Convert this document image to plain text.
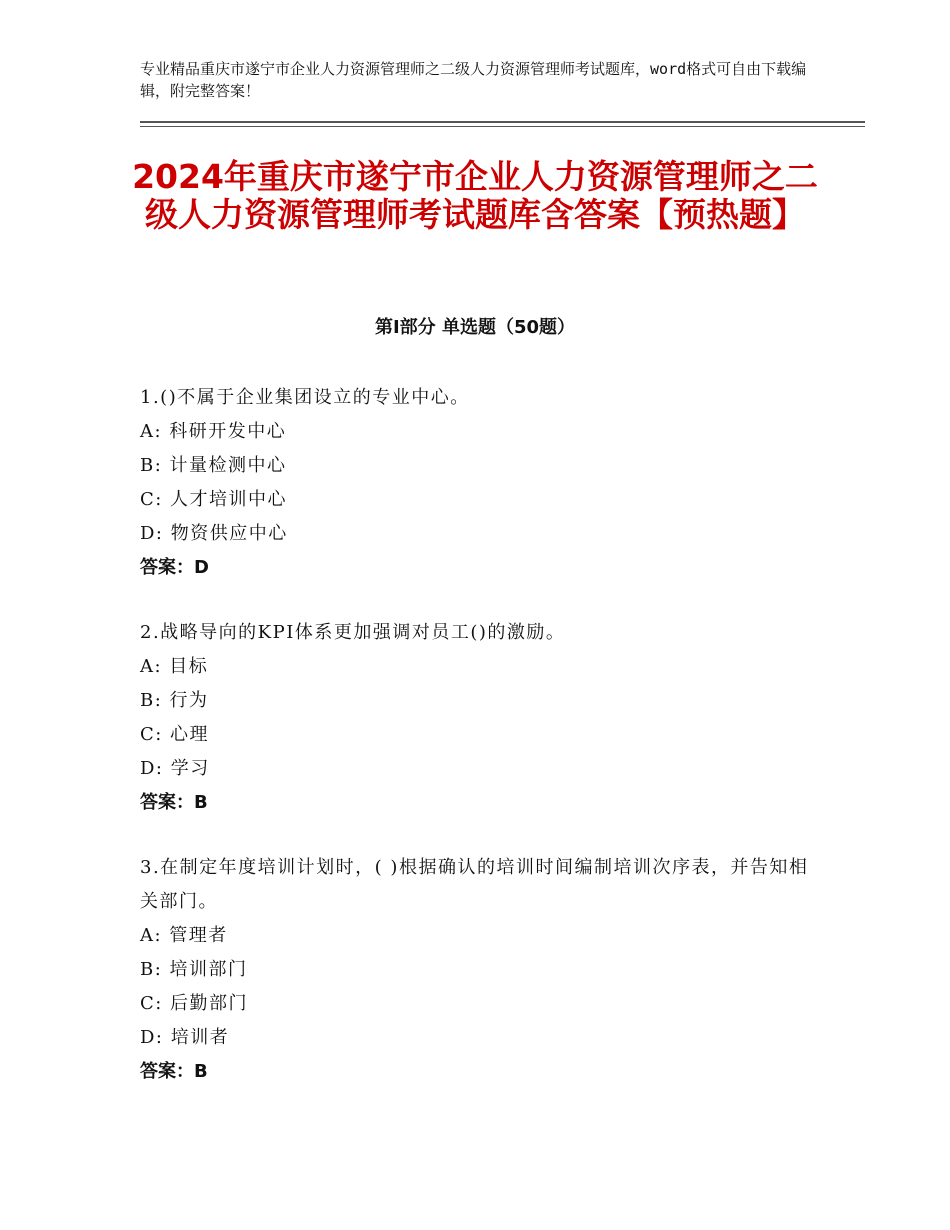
专业精品重庆市遂宁市企业人力资源管理师之二级人力资源管理师考试题库，word格式可自由下载编辑，附完整答案！
2024年重庆市遂宁市企业人力资源管理师之二级人力资源管理师考试题库含答案【预热题】
第Ⅰ部分 单选题（50题）
1.()不属于企业集团设立的专业中心。
A: 科研开发中心
B: 计量检测中心
C: 人才培训中心
D: 物资供应中心
答案：D
2.战略导向的KPI体系更加强调对员工()的激励。
A: 目标
B: 行为
C: 心理
D: 学习
答案：B
3.在制定年度培训计划时，( )根据确认的培训时间编制培训次序表，并告知相关部门。
A: 管理者
B: 培训部门
C: 后勤部门
D: 培训者
答案：B
